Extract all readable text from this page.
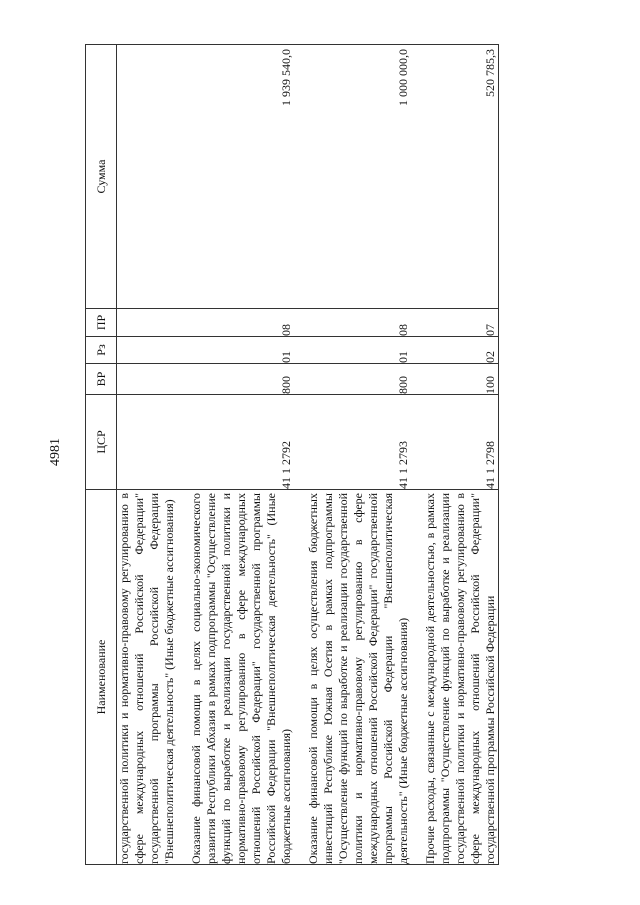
4981
Наименование	ЦСР	ВР	Рз	ПР	Сумма
государственной политики и нормативно-правовому регулированию в сфере международных отношений Российской Федерации" государственной программы Российской Федерации "Внешнеполитическая деятельность" (Иные бюджетные ассигнования)					

Оказание финансовой помощи в целях социально-экономического развития Республики Абхазия в рамках подпрограммы "Осуществление функций по выработке и реализации государственной политики и нормативно-правовому регулированию в сфере международных отношений Российской Федерации" государственной программы Российской Федерации "Внешнеполитическая деятельность" (Иные бюджетные ассигнования)	41 1 2792	800	01	08	1 939 540,0

Оказание финансовой помощи в целях осуществления бюджетных инвестиций Республике Южная Осетия в рамках подпрограммы "Осуществление функций по выработке и реализации государственной политики и нормативно-правовому регулированию в сфере международных отношений Российской Федерации" государственной программы Российской Федерации "Внешнеполитическая деятельность" (Иные бюджетные ассигнования)	41 1 2793	800	01	08	1 000 000,0

Прочие расходы, связанные с международной деятельностью, в рамках подпрограммы "Осуществление функций по выработке и реализации государственной политики и нормативно-правовому регулированию в сфере международных отношений Российской Федерации" государственной программы Российской Федерации	41 1 2798	100	02	07	520 785,3
